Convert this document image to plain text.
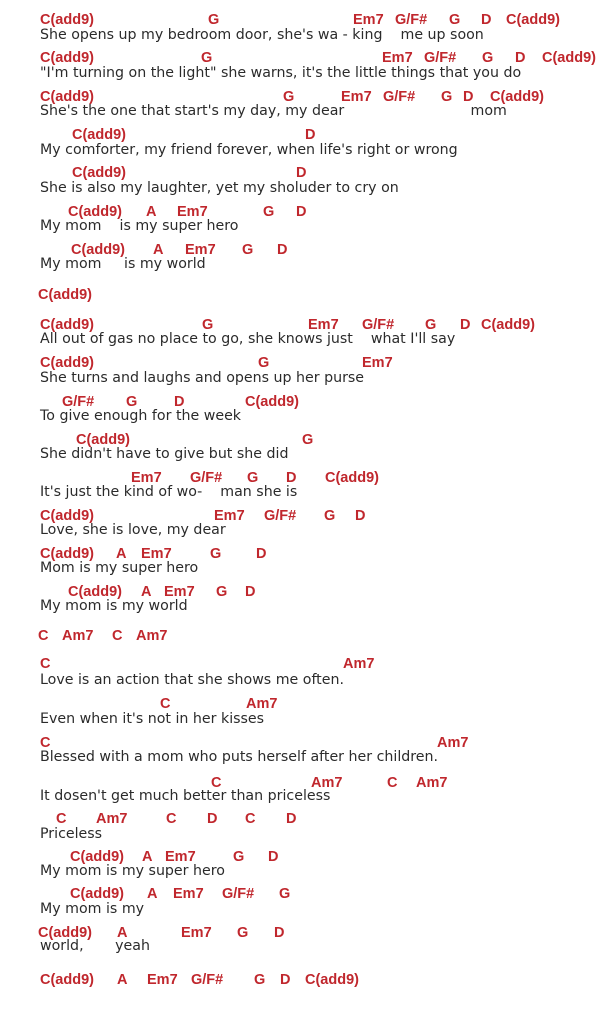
C(add9)	G	Em7 G/F# G D C(add9)
She opens up my bedroom door, she's wa - king    me up soon
C(add9)	G	Em7 G/F# G D C(add9)
"I'm turning on the light" she warns, it's the little things that you do
C(add9)	G	Em7 G/F# G D C(add9)
She's the one that start's my day, my dear                            mom
C(add9)	D
My comforter, my friend forever, when life's right or wrong
C(add9)	D
She is also my laughter, yet my sholuder to cry on
C(add9) A Em7	G D
My mom    is my super hero
C(add9) A Em7 G D
My mom     is my world
C(add9)
C(add9)	G	Em7 G/F# G D C(add9)
All out of gas no place to go, she knows just    what I'll say
C(add9)	G	Em7
She turns and laughs and opens up her purse
G/F# G	D	C(add9)
To give enough for the week
C(add9)	G
She didn't have to give but she did
Em7 G/F# G D C(add9)
It's just the kind of wo-    man she is
C(add9)	Em7 G/F# G D
Love, she is love, my dear
C(add9) A Em7	G D
Mom is my super hero
C(add9) A Em7 G D
My mom is my world
C Am7 C Am7
C	Am7
Love is an action that she shows me often.
C	Am7
Even when it's not in her kisses
C	Am7
Blessed with a mom who puts herself after her children.
C	Am7	C Am7
It dosen't get much better than priceless
C Am7	C D C D
Priceless
C(add9) A Em7	G D
My mom is my super hero
C(add9) A Em7 G/F# G
My mom is my
C(add9) A	Em7 G D
world,       yeah
C(add9) A Em7 G/F# G D C(add9)
